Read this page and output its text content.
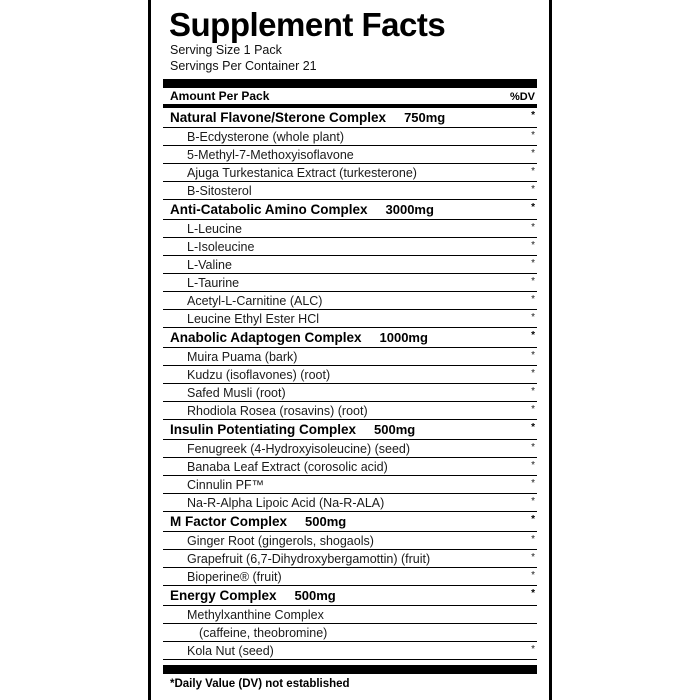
Supplement Facts
Serving Size 1 Pack
Servings Per Container 21
Amount Per Pack	%DV
Natural Flavone/Sterone Complex 750mg	*
B-Ecdysterone (whole plant)	*
5-Methyl-7-Methoxyisoflavone	*
Ajuga Turkestanica Extract (turkesterone)	*
B-Sitosterol	*
Anti-Catabolic Amino Complex 3000mg	*
L-Leucine	*
L-Isoleucine	*
L-Valine	*
L-Taurine	*
Acetyl-L-Carnitine (ALC)	*
Leucine Ethyl Ester HCl	*
Anabolic Adaptogen Complex 1000mg	*
Muira Puama (bark)	*
Kudzu (isoflavones) (root)	*
Safed Musli (root)	*
Rhodiola Rosea (rosavins) (root)	*
Insulin Potentiating Complex 500mg	*
Fenugreek (4-Hydroxyisoleucine) (seed)	*
Banaba Leaf Extract (corosolic acid)	*
Cinnulin PF™	*
Na-R-Alpha Lipoic Acid (Na-R-ALA)	*
M Factor Complex 500mg	*
Ginger Root (gingerols, shogaols)	*
Grapefruit (6,7-Dihydroxybergamottin) (fruit)	*
Bioperine® (fruit)	*
Energy Complex 500mg	*
Methylxanthine Complex
(caffeine, theobromine)
Kola Nut (seed)	*
*Daily Value (DV) not established
